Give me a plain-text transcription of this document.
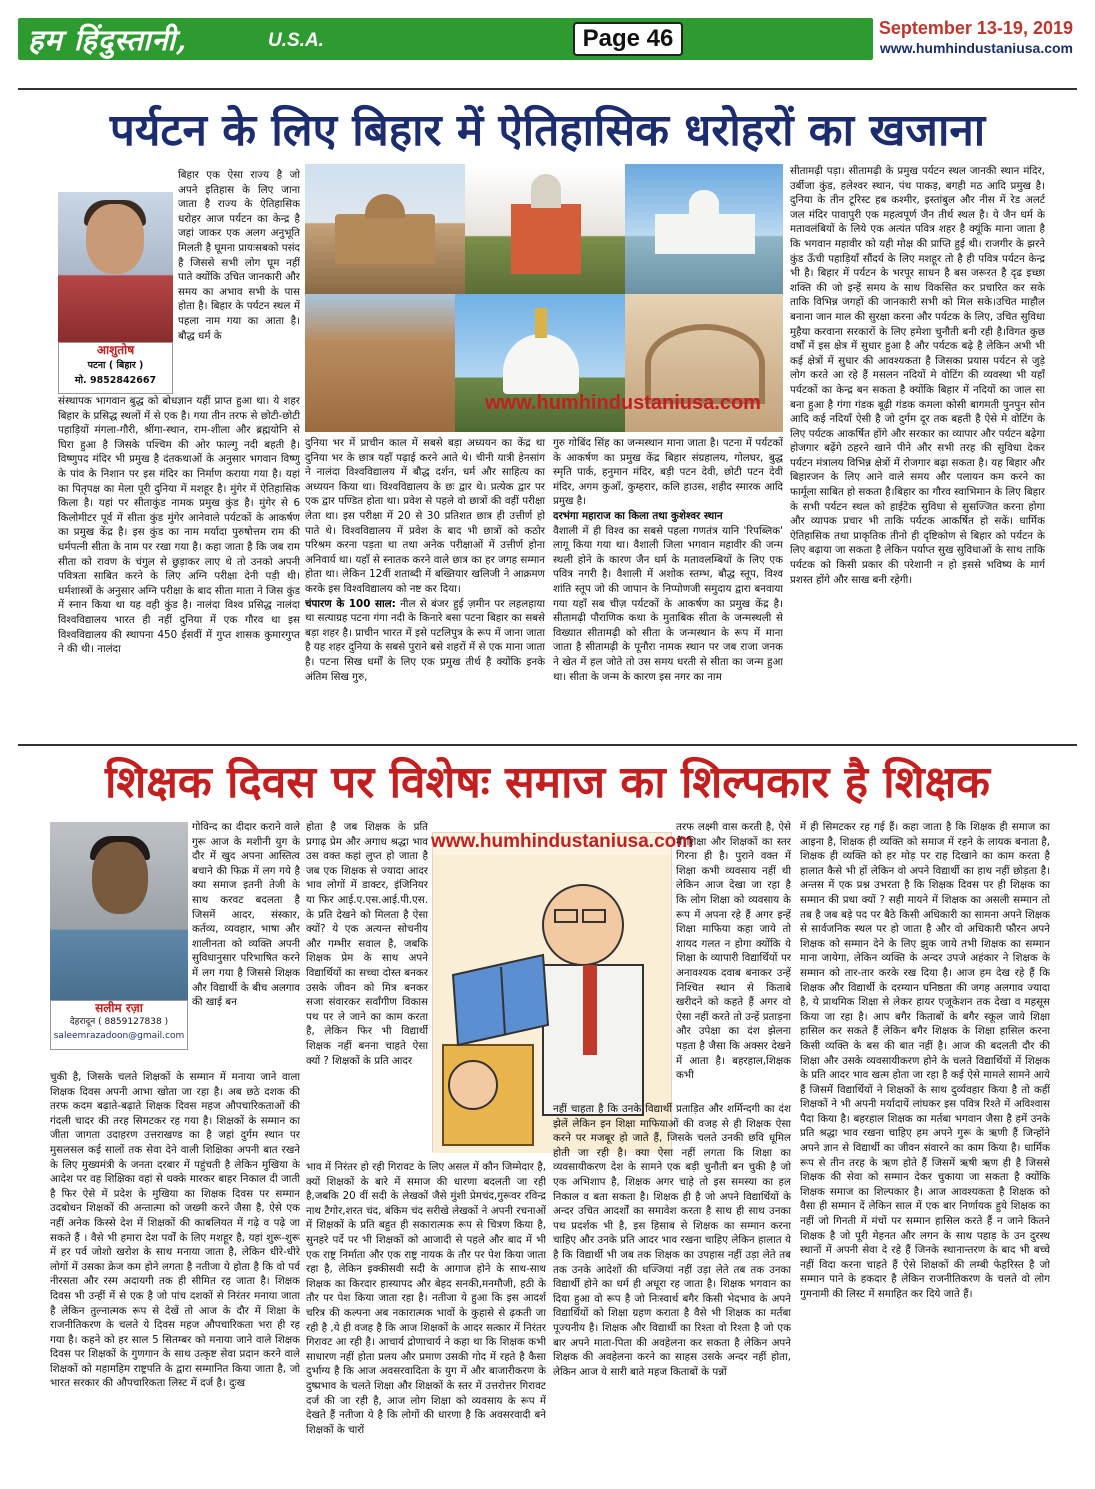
हम हिंदुस्तानी,	U.S.A.	Page 46	September 13-19, 2019
www.humhindustaniusa.com
पर्यटन के लिए बिहार में ऐतिहासिक धरोहरों का खजाना
आशुतोष
पटना ( बिहार )
मो. 9852842667

बिहार एक ऐसा राज्य है जो अपने इतिहास के लिए जाना जाता है राज्य के ऐतिहासिक धरोहर आज पर्यटन का केन्द्र है जहां जाकर एक अलग अनुभूति मिलती है घूमना प्रायःसबको पसंद है जिससे सभी लोग घूम नहीं पाते क्योंकि उचित जानकारी और समय का अभाव सभी के पास होता है। बिहार के पर्यटन स्थल में पहला नाम गया का आता है। बौद्ध धर्म के

संस्थापक भागवान बुद्ध को बोधज्ञान यहीं प्राप्त हुआ था। ये शहर बिहार के प्रसिद्ध स्थलों में से एक है। गया तीन तरफ से छोटी-छोटी पहाड़ियों मंगला-गौरी, श्रींगा-स्थान, राम-शीला और ब्रह्मयोनि से घिरा हुआ है जिसके पश्चिम की ओर फाल्गु नदी बहती है। विष्णुपद मंदिर भी प्रमुख है दंतकथाओं के अनुसार भगवान विष्णु के पांव के निशान पर इस मंदिर का निर्माण कराया गया है। यहां का पितृपक्ष का मेला पूरी दुनिया में मशहूर है। मुंगेर में ऐतिहासिक किला है। यहां पर सीताकुंड नामक प्रमुख कुंड है। मुंगेर से 6 किलोमीटर पूर्व में सीता कुंड मुंगेर आनेवाले पर्यटकों के आकर्षण का प्रमुख केंद्र है। इस कुंड का नाम मर्यादा पुरुषोत्तम राम की धर्मपत्नी सीता के नाम पर रखा गया है। कहा जाता है कि जब राम सीता को रावण के चंगुल से छुड़ाकर लाए थे तो उनको अपनी पवित्रता साबित करने के लिए अग्नि परीक्षा देनी पड़ी थी। धर्मशास्त्रों के अनुसार अग्नि परीक्षा के बाद सीता माता ने जिस कुंड में स्नान किया था यह वही कुंड है। नालंदा विश्व प्रसिद्ध नालंदा विश्वविद्यालय भारत ही नहीं दुनिया में एक गौरव था इस विश्वविद्यालय की स्थापना 450 ईसवीं में गुप्त शासक कुमारगुप्त ने की थी। नालंदा

www.humhindustaniusa.com

दुनिया भर में प्राचीन काल में सबसे बड़ा अध्ययन का केंद्र था दुनिया भर के छात्र यहाँ पढ़ाई करने आते थे। चीनी यात्री हेनसांग ने नालंदा विश्वविद्यालय में बौद्ध दर्शन, धर्म और साहित्य का अध्ययन किया था। विश्वविद्यालय के छः द्वार थे। प्रत्येक द्वार पर एक द्वार पण्डित होता था। प्रवेश से पहले वो छात्रों की वहीं परीक्षा लेता था। इस परीक्षा में 20 से 30 प्रतिशत छात्र ही उत्तीर्ण हो पाते थे। विश्वविद्यालय में प्रवेश के बाद भी छात्रों को कठोर परिश्रम करना पड़ता था तथा अनेक परीक्षाओं में उत्तीर्ण होना अनिवार्य था। यहाँ से स्नातक करने वाले छात्र का हर जगह सम्मान होता था। लेकिन 12वीं शताब्दी में बख्तियार खलिजी ने आक्रमण करके इस विश्वविद्यालय को नष्ट कर दिया।

चंपारण के 100 साल: नील से बंजर हुई ज़मीन पर लहलहाया था सत्याग्रह पटना गंगा नदी के किनारे बसा पटना बिहार का सबसे बड़ा शहर है। प्राचीन भारत में इसे पटलिपुत्र के रूप में जाना जाता है यह शहर दुनिया के सबसे पुराने बसे शहरों में से एक माना जाता है। पटना सिख धर्मों के लिए एक प्रमुख तीर्थ है क्योंकि इनके अंतिम सिख गुरु,

गुरु गोबिंद सिंह का जन्मस्थान माना जाता है। पटना में पर्यटकों के आकर्षण का प्रमुख केंद्र बिहार संग्रहालय, गोलघर, बुद्ध स्मृति पार्क, हनुमान मंदिर, बड़ी पटन देवी, छोटी पटन देवी मंदिर, अगम कुआँ, कुम्हरार, कलि हाउस, शहीद स्मारक आदि प्रमुख है।

दरभंगा महाराज का किला तथा कुशेश्वर स्थान

वैशाली में ही विश्व का सबसे पहला गणतंत्र यानि 'रिपब्लिक' लागू किया गया था। वैशाली जिला भगवान महावीर की जन्म स्थली होने के कारण जैन धर्म के मतावलम्बियों के लिए एक पवित्र नगरी है। वैशाली में अशोक स्तम्भ, बौद्ध स्तूप, विश्व शांति स्तूप जो की जापान के निप्पोणजी समुदाय द्वारा बनवाया गया यहाँ सब चीज़ पर्यटकों के आकर्षण का प्रमुख केंद्र है। सीतामढ़ी पौराणिक कथा के मुताबिक सीता के जन्मस्थली से विख्यात सीतामढ़ी को सीता के जन्मस्थान के रूप में माना जाता है सीतामढ़ी के पूनौरा नामक स्थान पर जब राजा जनक ने खेत में हल जोते तो उस समय धरती से सीता का जन्म हुआ था। सीता के जन्म के कारण इस नगर का नाम

सीतामढ़ी पड़ा। सीतामढ़ी के प्रमुख पर्यटन स्थल जानकी स्थान मंदिर, उर्बीजा कुंड, हलेश्वर स्थान, पंथ पाकड़, बगही मठ आदि प्रमुख है। दुनिया के तीन टूरिस्ट हब कश्मीर, इस्तांबुल और नीस में रेड अलर्ट जल मंदिर पावापुरी एक महत्वपूर्ण जैन तीर्थ स्थल है। ये जैन धर्म के मतावलंबियों के लिये एक अत्यंत पवित्र शहर है क्यूंकि माना जाता है कि भगवान महावीर को यही मोक्ष की प्राप्ति हुई थी। राजगीर के झरने कुंड ऊँची पहाड़ियाँ सौंदर्य के लिए मशहूर तो है ही पवित्र पर्यटन केन्द्र भी है। बिहार में पर्यटन के भरपूर साधन है बस जरूरत है दृढ इच्छा शक्ति की जो इन्हें समय के साथ विकसित कर प्रचारित कर सके ताकि विभिन्न जगहों की जानकारी सभी को मिल सके।उचित माहौल बनाना जान माल की सुरक्षा करना और पर्यटक के लिए, उचित सुविधा मुहैया करवाना सरकारों के लिए हमेशा चुनौती बनी रही है।विगत कुछ वर्षों में इस क्षेत्र में सुधार हुआ है और पर्यटक बढ़े है लेकिन अभी भी कई क्षेत्रों में सुधार की आवश्यकता है जिसका प्रयास पर्यटन से जुड़े लोग करते आ रहे हैं मसलन नदियों मे वोटिंग की व्यवस्था भी यहाँ पर्यटकों का केन्द्र बन सकता है क्योंकि बिहार में नदियों का जाल सा बना हुआ है गंगा गंडक बूढ़ी गंडक कमला कोसी बागमती पुनपुन सोन आदि कई नदियाँ ऐसी है जो दुर्गम दूर तक बहती है ऐसे मे वोटिंग के लिए पर्यटक आकर्षित होंगे और सरकार का व्यापार और पर्यटन बढ़ेगा होजगार बढ़ेंगे ठहरने खाने पीने और सभी तरह की सुविधा देकर पर्यटन मंत्रालय विभिन्न क्षेत्रों में रोजगार बढ़ा सकता है। यह बिहार और बिहारजन के लिए आने वाले समय और पलायन कम करने का फार्मूला साबित हो सकता है।बिहार का गौरव स्वाभिमान के लिए बिहार के सभी पर्यटन स्थल को हाईटेक सुविधा से सुसज्जित करना होगा और व्यापक प्रचार भी ताकि पर्यटक आकर्षित हो सकें। धार्मिक ऐतिहासिक तथा प्राकृतिक तीनो ही दृष्टिकोण से बिहार को पर्यटन के लिए बढ़ाया जा सकता है लेकिन पर्याप्त सुख सुविधाओं के साथ ताकि पर्यटक को किसी प्रकार की परेशानी न हो इससे भविष्य के मार्ग प्रशस्त होंगे और साख बनी रहेगी।

शिक्षक दिवस पर विशेषः समाज का शिल्पकार है शिक्षक
सलीम रज़ा
देहरादून ( 8859127838 )
saleemrazadoon@gmail.com

गोविन्द का दीदार कराने वाले गुरू आज के मशीनी युग के दौर में खुद अपना आस्तित्व बचाने की फिक्र में लग गये है क्या समाज इतनी तेजी के साथ करवट बदलता है जिसमें आदर, संस्कार, कर्तव्य, व्यवहार, भाषा और शालीनता को व्यक्ति अपनी सुविधानुसार परिभाषित करने में लग गया है जिससे शिक्षक और विद्यार्थी के बीच अलगाव की खाई बन

चुकी है, जिसके चलते शिक्षकों के सम्मान में मनाया जाने वाला शिक्षक दिवस अपनी आभा खोता जा रहा है। अब छठे दशक की तरफ कदम बढ़ाते-बढ़ाते शिक्षक दिवस महज औपचारिकताओं की गंदली चादर की तरह सिमटकर रह गया है। शिक्षकों के सम्मान का जीता जागता उदाहरण उत्तराखण्ड का है जहां दुर्गम स्थान पर मुसलसल कई सालों तक सेवा देने वाली शिक्षिका अपनी बात रखने के लिए मुख्यमंत्री के जनता दरबार में पहुंचती है लेकिन मुखिया के आदेश पर वह शिक्षिका वहां से धक्के मारकर बाहर निकाल दी जाती है फिर ऐसे में प्रदेश के मुखिया का शिक्षक दिवस पर सम्मान उदबोधन शिक्षकों की अन्तात्मा को जख्मी करने जैसा है, ऐसे एक नहीं अनेक किस्से देश में शिक्षकों की काबलियत में गढ़े व पढ़े जा सकते हैं । वैसे भी हमारा देश पर्वों के लिए मशहूर है, यहां शुरू-शुरू में हर पर्व जोशो खरोश के साथ मनाया जाता है, लेकिन धीरे-धीरे लोगों में उसका क्रेज कम होने लगता है नतीजा ये होता है कि वो पर्व नीरसता और रस्म अदायगी तक ही सीमित रह जाता है। शिक्षक दिवस भी उन्हीं में से एक है जो पांच दशकों से निरंतर मनाया जाता है लेकिन तुल्नात्मक रूप से देखें तो आज के दौर में शिक्षा के राजनीतिकरण के चलते ये दिवस महज औपचारिकता भरा ही रह गया है। कहने को हर साल 5 सितम्बर को मनाया जाने वाले शिक्षक दिवस पर शिक्षकों के गुणगान के साथ उत्कृष्ट सेवा प्रदान करने वाले शिक्षकों को महामहिम राष्ट्रपति के द्वारा सम्मानित किया जाता है, जो भारत सरकार की औपचारिकता लिस्ट में दर्ज है। दुःख

होता है जब शिक्षक के प्रति प्रगाढ़ प्रेम और अगाध श्रद्धा भाव उस वक्त कहां लुप्त हो जाता है जब एक शिक्षक से ज्यादा आदर भाव लोगों में डाक्टर, इंजिनियर या फिर आई.ए.एस.आई.पी.एस. के प्रति देखने को मिलता है ऐसा क्यों? ये एक अत्यन्त सोचनीय और गम्भीर सवाल है, जबकि शिक्षक प्रेम के साथ अपने विद्यार्थियों का सच्चा दोस्त बनकर उसके जीवन को मित्र बनकर सजा संवारकर सर्वांगीण विकास पथ पर ले जाने का काम करता है, लेकिन फिर भी विद्यार्थी शिक्षक नहीं बनना चाहते ऐसा क्यों ? शिक्षकों के प्रति आदर

www.humhindustaniusa.com

भाव में निरंतर हो रही गिरावट के लिए असल में कौन जिम्मेदार है, क्यों शिक्षकों के बारे में समाज की धारणा बदलती जा रही है,जबकि 20 वीं सदी के लेखकों जैसे मुंशी प्रेमचंद,गुरूवर रविन्द्र नाथ टैगोर,शरत चंद, बंकिम चंद सरीखे लेखकों ने अपनी रचनाओं में शिक्षकों के प्रति बहुत ही सकारात्मक रूप से चित्रण किया है, सुनहरे पर्दे पर भी शिक्षकों को आजादी से पहले और बाद में भी एक राष्ट्र निर्माता और एक राष्ट्र नायक के तौर पर पेश किया जाता रहा है, लेकिन इक्कीसवी सदी के आगाज होने के साथ-साथ शिक्षक का किरदार हास्यापद और बेहद सनकी,मनमौजी, हठी के तौर पर पेश किया जाता रहा है। नतीजा ये हुआ कि इस आदर्श चरित्र की कल्पना अब नकारात्मक भावों के कुहासे से ढ़कती जा रही है ,ये ही वजह है कि आज शिक्षकों के आदर सत्कार में निरंतर गिरावट आ रही है। आचार्य द्रोणाचार्य ने कहा था कि शिक्षक कभी साधारण नहीं होता प्रलय और प्रमाण उसकी गोद में रहते है कैसा दुर्भाग्य है कि आज अवसरवादिता के युग में और बाजारीकरण के दुष्प्रभाव के चलते शिक्षा और शिक्षकों के स्तर में उत्तरोत्तर गिरावट दर्ज की जा रही है, आज लोग शिक्षा को व्यवसाय के रूप में देखते हैं नतीजा ये है कि लोगों की धारणा है कि अवसरवादी बने शिक्षकों के चारों

तरफ लक्ष्मी वास करती है, ऐसे में शिक्षा और शिक्षकों का स्तर गिरना ही है। पुराने वक्त में शिक्षा कभी व्यवसाय नहीं थी लेकिन आज देखा जा रहा है कि लोग शिक्षा को व्यवसाय के रूप में अपना रहे हैं अगर इन्हें शिक्षा माफिया कहा जाये तो शायद गलत न होगा क्योंकि ये शिक्षा के व्यापारी विद्यार्थियों पर अनावश्यक दवाब बनाकर उन्हें निश्चित स्थान से किताबे खरीदने को कहते हैं अगर वो ऐसा नहीं करते तो उन्हें प्रताड़ना और उपेक्षा का दंश झेलना पड़ता है जैसा कि अक्सर देखने में आता है। बहरहाल,शिक्षक कभी

नहीं चाहता है कि उनके विद्यार्थी प्रताड़ित और शर्मिन्दगी का दंश झेलें लेकिन इन शिक्षा माफियाओं की वजह से ही शिक्षक ऐसा करने पर मजबूर हो जाते हैं, जिसके चलते उनकी छवि धूमिल होती जा रही है। क्या ऐसा नहीं लगता कि शिक्षा का व्यवसायीकरण देश के सामने एक बड़ी चुनौती बन चुकी है जो एक अभिशाप है, शिक्षक अगर चाहे तो इस समस्या का हल निकाल व बता सकता है। शिक्षक ही है जो अपने विद्यार्थियों के अन्दर उचित आदर्शों का समावेश करता है साथ ही साथ उनका पथ प्रदर्शक भी है, इस हिसाब से शिक्षक का सम्मान करना चाहिए और उनके प्रति आदर भाव रखना चाहिए लेकिन हालात ये है कि विद्यार्थी भी जब तक शिक्षक का उपहास नहीं उड़ा लेते तब तक उनके आदेशों की धज्जियां नहीं उड़ा लेते तब तक उनका विद्यार्थी होने का धर्म ही अधूरा रह जाता है। शिक्षक भगवान का दिया हुआ वो रूप है जो निःस्वार्थ बगैर किसी भेदभाव के अपने विद्यार्थियों को शिक्षा ग्रहण कराता है वैसे भी शिक्षक का मर्तबा पूज्यनीय है। शिक्षक और विद्यार्थी का रिश्ता वो रिश्ता है जो एक बार अपने माता-पिता की अवहेलना कर सकता है लेकिन अपने शिक्षक की अवहेलना करने का साहस उसके अन्दर नहीं होता, लेकिन आज ये सारी बाते महज किताबों के पन्नों

में ही सिमटकर रह गई हैं। कहा जाता है कि शिक्षक ही समाज का आइना है, शिक्षक ही व्यक्ति को समाज में रहने के लायक बनाता है, शिक्षक ही व्यक्ति को हर मोड़ पर राह दिखाने का काम करता है हालात कैसे भी हों लेकिन वो अपने विद्यार्थी का हाथ नहीं छोड़ता है। अन्तस में एक प्रश्न उभरता है कि शिक्षक दिवस पर ही शिक्षक का सम्मान की प्रथा क्यों ? सही मायने में शिक्षक का असली सम्मान तो तब है जब बड़े पद पर बैठे किसी अधिकारी का सामना अपने शिक्षक से सार्वजनिक स्थल पर हो जाता है और वो अधिकारी फौरन अपने शिक्षक को सम्मान देने के लिए झुक जाये तभी शिक्षक का सम्मान माना जायेगा, लेकिन व्यक्ति के अन्दर उपजे अहंकार ने शिक्षक के सम्मान को तार-तार करके रख दिया है। आज हम देख रहे हैं कि शिक्षक और विद्यार्थी के दरम्यान घनिष्ठता की जगह अलगाव ज्यादा है, ये प्राथमिक शिक्षा से लेकर हायर एजूकेशन तक देखा व महसूस किया जा रहा है। आप बगैर किताबों के बगैर स्कूल जाये शिक्षा हासिल कर सकते हैं लेकिन बगैर शिक्षक के शिक्षा हासिल करना किसी व्यक्ति के बस की बात नहीं है। आज की बदलती दौर की शिक्षा और उसके व्यवसायीकरण होने के चलते विद्यार्थियों में शिक्षक के प्रति आदर भाव खत्म होता जा रहा है कई ऐसे मामले सामने आये हैं जिसमें विद्यार्थियों ने शिक्षकों के साथ दुर्व्यवहार किया है तो कहीं शिक्षकों ने भी अपनी मर्यादायें लांघकर इस पवित्र रिश्ते में अविश्वास पैदा किया है। बहरहाल शिक्षक का मर्तबा भगवान जैसा है हमें उनके प्रति श्रद्धा भाव रखना चाहिए हम अपने गुरू के ऋणी हैं जिन्होंने अपने ज्ञान से विद्यार्थी का जीवन संवारने का काम किया है। धार्मिक रूप से तीन तरह के ऋण होते हैं जिसमें ऋषी ऋण ही है जिससे शिक्षक की सेवा को सम्मान देकर चुकाया जा सकता है क्योंकि शिक्षक समाज का शिल्पकार है। आज आवश्यकता है शिक्षक को वैसा ही सम्मान दें लेकिन साल में एक बार निर्णायक हुये शिक्षक का नहीं जो गिनती में मंचों पर सम्मान हासिल करते हैं न जाने कितने शिक्षक है जो पूरी मेहनत और लगन के साथ पहाड़ के उन दुरस्थ स्थानों में अपनी सेवा दे रहे हैं जिनके स्थानान्तरण के बाद भी बच्चे नहीं विदा करना चाहते हैं ऐसे शिक्षकों की लम्बी फेहरिस्त है जो सम्मान पाने के हकदार है लेकिन राजनीतिकरण के चलते वो लोग गुमनामी की लिस्ट में समाहित कर दिये जाते हैं।
